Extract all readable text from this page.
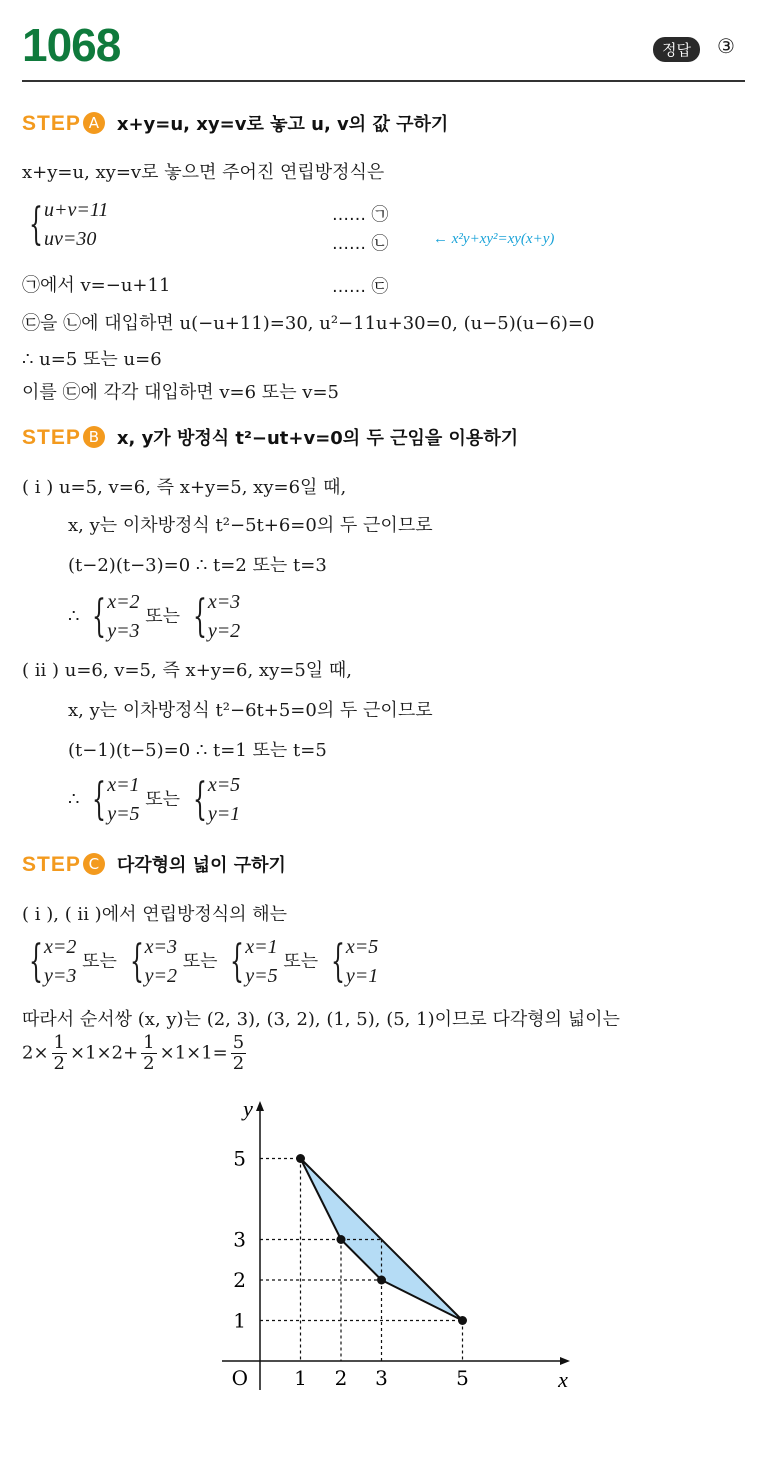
1068	정답	③
STEP A x+y=u, xy=v로 놓고 u, v의 값 구하기
x+y=u, xy=v로 놓으면 주어진 연립방정식은
{u+v=11
uv=30
…… ㉠
…… ㉡	← x²y+xy²=xy(x+y)
㉠에서 v=−u+11	…… ㉢
㉢을 ㉡에 대입하면 u(−u+11)=30, u²−11u+30=0, (u−5)(u−6)=0
∴ u=5 또는 u=6
이를 ㉢에 각각 대입하면 v=6 또는 v=5
STEP B x, y가 방정식 t²−ut+v=0의 두 근임을 이용하기
( i ) u=5, v=6, 즉 x+y=5, xy=6일 때,
x, y는 이차방정식 t²−5t+6=0의 두 근이므로
(t−2)(t−3)=0 ∴ t=2 또는 t=3
∴ {x=2
y=3 또는 {x=3
y=2
( ii ) u=6, v=5, 즉 x+y=6, xy=5일 때,
x, y는 이차방정식 t²−6t+5=0의 두 근이므로
(t−1)(t−5)=0 ∴ t=1 또는 t=5
∴ {x=1
y=5 또는 {x=5
y=1
STEP C 다각형의 넓이 구하기
( i ), ( ii )에서 연립방정식의 해는
{x=2
y=3 또는 {x=3
y=2 또는 {x=1
y=5 또는 {x=5
y=1
따라서 순서쌍 (x, y)는 (2, 3), (3, 2), (1, 5), (5, 1)이므로 다각형의 넓이는
$2\times \frac{1}{2} \times 1\times 2+ \frac{1}{2} \times 1\times 1= \frac{5}{2}$
1 2 3	5
1
2
3
5
O	x
y
